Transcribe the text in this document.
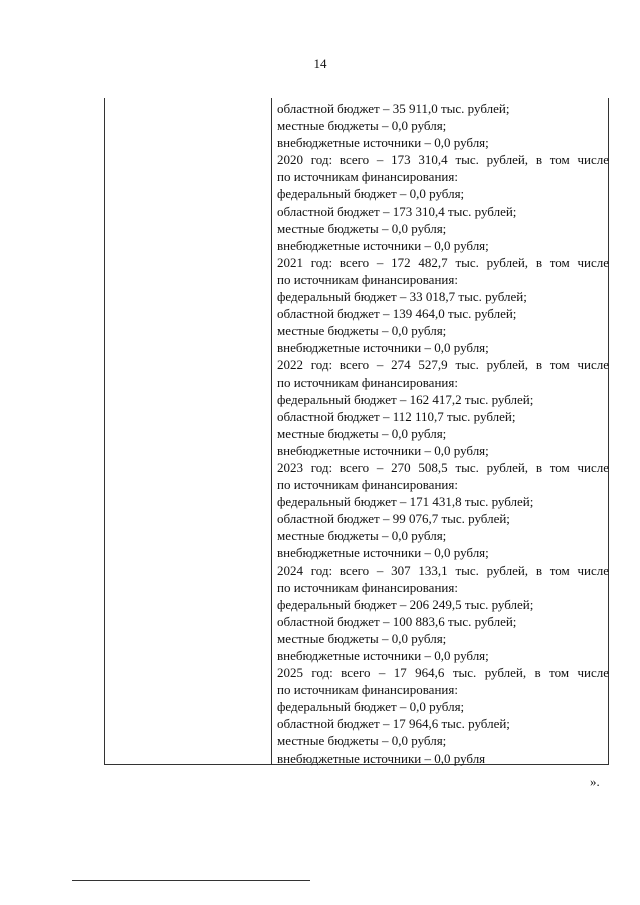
14
областной бюджет – 35 911,0 тыс. рублей;
местные бюджеты – 0,0 рубля;
внебюджетные источники – 0,0 рубля;
2020 год: всего – 173 310,4 тыс. рублей, в том числе
по источникам финансирования:
федеральный бюджет – 0,0 рубля;
областной бюджет – 173 310,4 тыс. рублей;
местные бюджеты – 0,0 рубля;
внебюджетные источники – 0,0 рубля;
2021 год: всего – 172 482,7 тыс. рублей, в том числе
по источникам финансирования:
федеральный бюджет – 33 018,7 тыс. рублей;
областной бюджет – 139 464,0 тыс. рублей;
местные бюджеты – 0,0 рубля;
внебюджетные источники – 0,0 рубля;
2022 год: всего – 274 527,9 тыс. рублей, в том числе
по источникам финансирования:
федеральный бюджет – 162 417,2 тыс. рублей;
областной бюджет – 112 110,7 тыс. рублей;
местные бюджеты – 0,0 рубля;
внебюджетные источники – 0,0 рубля;
2023 год: всего – 270 508,5 тыс. рублей, в том числе
по источникам финансирования:
федеральный бюджет – 171 431,8 тыс. рублей;
областной бюджет – 99 076,7 тыс. рублей;
местные бюджеты – 0,0 рубля;
внебюджетные источники – 0,0 рубля;
2024 год: всего – 307 133,1 тыс. рублей, в том числе
по источникам финансирования:
федеральный бюджет – 206 249,5 тыс. рублей;
областной бюджет – 100 883,6 тыс. рублей;
местные бюджеты – 0,0 рубля;
внебюджетные источники – 0,0 рубля;
2025 год: всего – 17 964,6 тыс. рублей, в том числе
по источникам финансирования:
федеральный бюджет – 0,0 рубля;
областной бюджет – 17 964,6 тыс. рублей;
местные бюджеты – 0,0 рубля;
внебюджетные источники – 0,0 рубля
».
